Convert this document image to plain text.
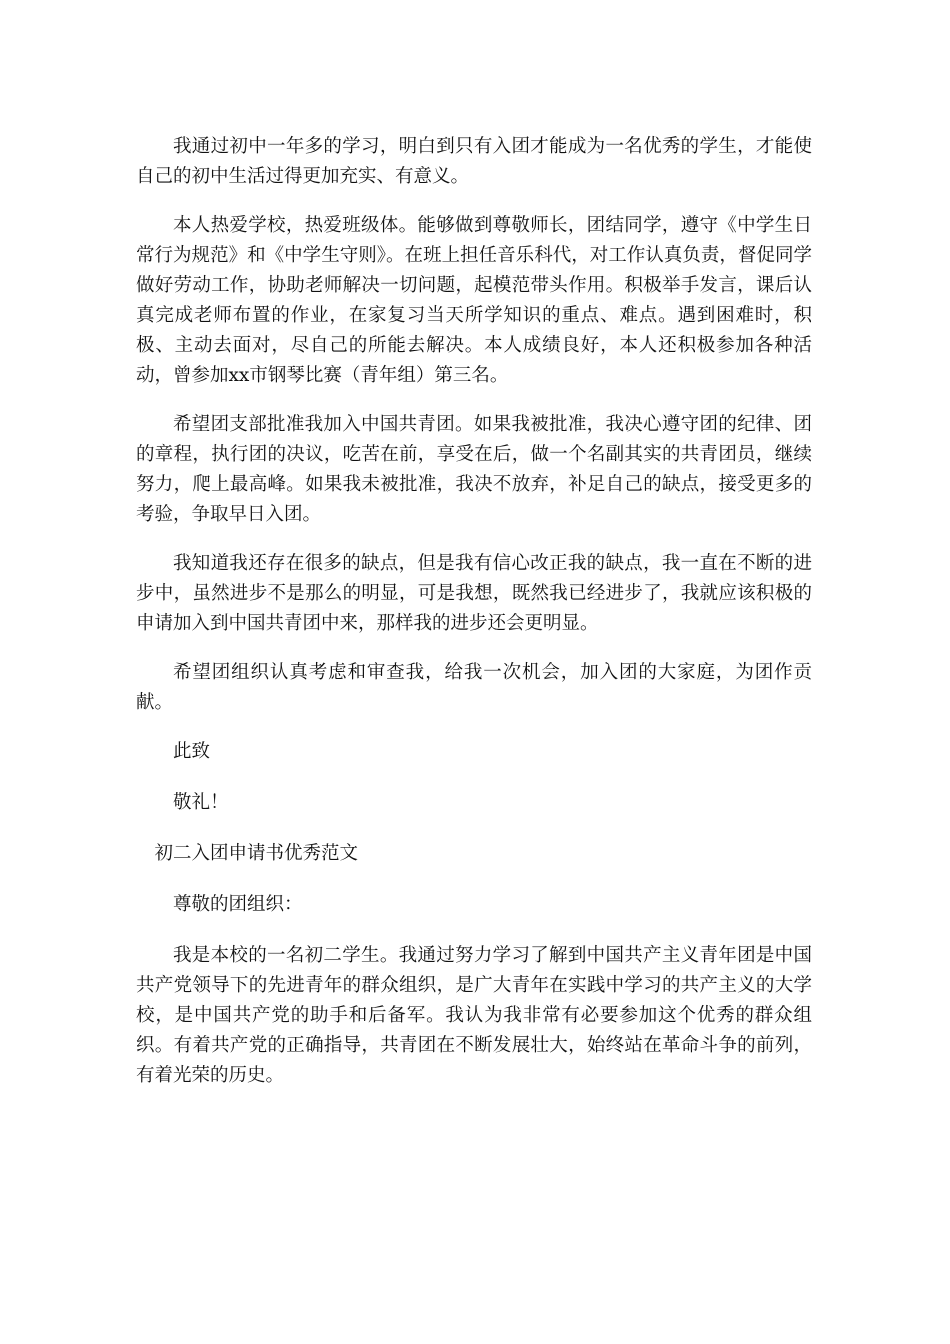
我通过初中一年多的学习，明白到只有入团才能成为一名优秀的学生，才能使自己的初中生活过得更加充实、有意义。

本人热爱学校，热爱班级体。能够做到尊敬师长，团结同学，遵守《中学生日常行为规范》和《中学生守则》。在班上担任音乐科代，对工作认真负责，督促同学做好劳动工作，协助老师解决一切问题，起模范带头作用。积极举手发言，课后认真完成老师布置的作业，在家复习当天所学知识的重点、难点。遇到困难时，积极、主动去面对，尽自己的所能去解决。本人成绩良好，本人还积极参加各种活动，曾参加xx市钢琴比赛（青年组）第三名。

希望团支部批准我加入中国共青团。如果我被批准，我决心遵守团的纪律、团的章程，执行团的决议，吃苦在前，享受在后，做一个名副其实的共青团员，继续努力，爬上最高峰。如果我未被批准，我决不放弃，补足自己的缺点，接受更多的考验，争取早日入团。

我知道我还存在很多的缺点，但是我有信心改正我的缺点，我一直在不断的进步中，虽然进步不是那么的明显，可是我想，既然我已经进步了，我就应该积极的申请加入到中国共青团中来，那样我的进步还会更明显。

希望团组织认真考虑和审查我，给我一次机会，加入团的大家庭，为团作贡献。

此致

敬礼！

初二入团申请书优秀范文

尊敬的团组织：

我是本校的一名初二学生。我通过努力学习了解到中国共产主义青年团是中国共产党领导下的先进青年的群众组织，是广大青年在实践中学习的共产主义的大学校，是中国共产党的助手和后备军。我认为我非常有必要参加这个优秀的群众组织。有着共产党的正确指导，共青团在不断发展壮大，始终站在革命斗争的前列，有着光荣的历史。
